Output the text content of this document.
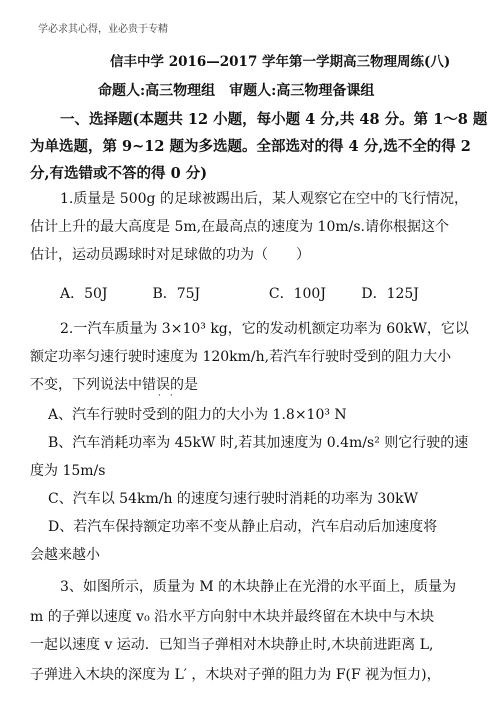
学必求其心得，业必贵于专精
信丰中学 2016—2017 学年第一学期高三物理周练(八)
命题人:高三物理组　审题人:高三物理备课组
一、选择题(本题共 12 小题，每小题 4 分,共 48 分。第 1～8 题
为单选题，第 9~12 题为多选题。全部选对的得 4 分,选不全的得 2
分,有选错或不答的得 0 分)
1.质量是 500g 的足球被踢出后，某人观察它在空中的飞行情况，
估计上升的最大高度是 5m,在最高点的速度为 10m/s.请你根据这个
估计，运动员踢球时对足球做的功为（　　）
A．50J	B．75J	C．100J	D．125J
2.一汽车质量为 3×10³ kg，它的发动机额定功率为 60kW，它以
额定功率匀速行驶时速度为 120km/h,若汽车行驶时受到的阻力大小
不变，下列说法中错误的是
·　·
A、汽车行驶时受到的阻力的大小为 1.8×10³ N
B、汽车消耗功率为 45kW 时,若其加速度为 0.4m/s² 则它行驶的速
度为 15m/s
C、汽车以 54km/h 的速度匀速行驶时消耗的功率为 30kW
D、若汽车保持额定功率不变从静止启动，汽车启动后加速度将
会越来越小
3、如图所示，质量为 M 的木块静止在光滑的水平面上，质量为
m 的子弹以速度 v₀ 沿水平方向射中木块并最终留在木块中与木块
一起以速度 v 运动．已知当子弹相对木块静止时,木块前进距离 L,
子弹进入木块的深度为 L′ ，木块对子弹的阻力为 F(F 视为恒力)，
